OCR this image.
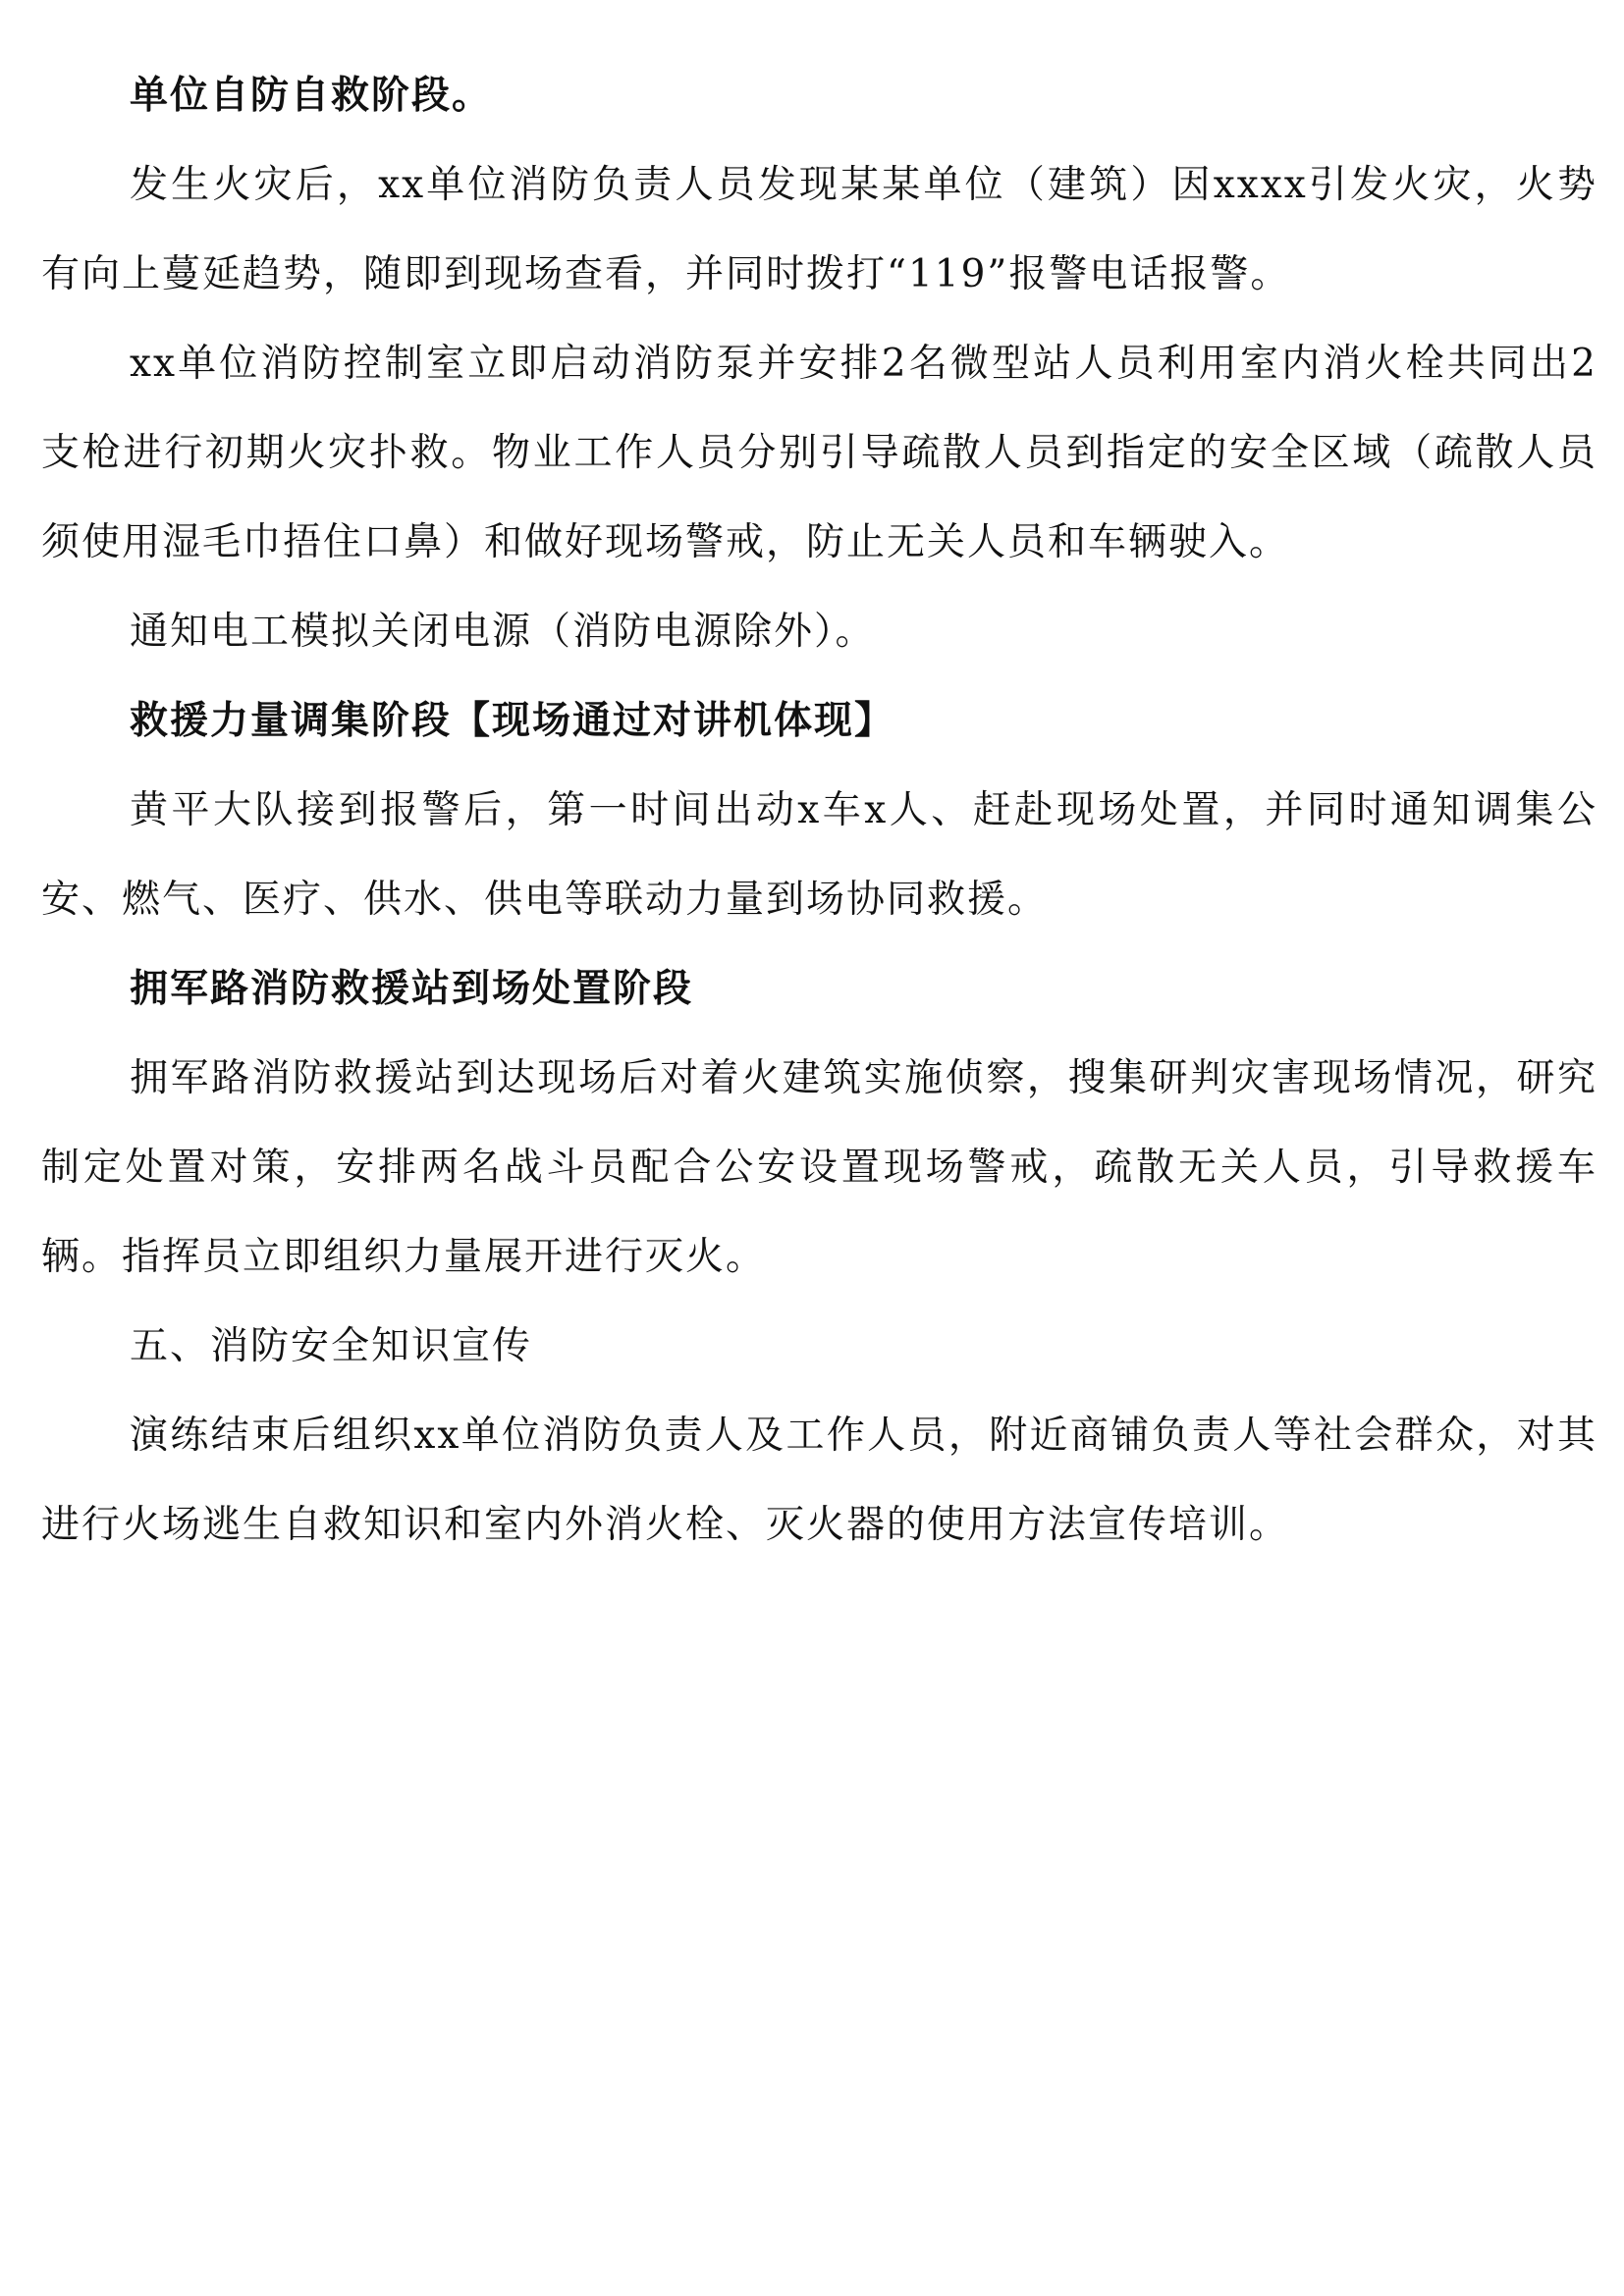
单位自防自救阶段。

发生火灾后，xx单位消防负责人员发现某某单位（建筑）因xxxx引发火灾，火势有向上蔓延趋势，随即到现场查看，并同时拨打“119”报警电话报警。

xx单位消防控制室立即启动消防泵并安排2名微型站人员利用室内消火栓共同出2支枪进行初期火灾扑救。物业工作人员分别引导疏散人员到指定的安全区域（疏散人员须使用湿毛巾捂住口鼻）和做好现场警戒，防止无关人员和车辆驶入。

通知电工模拟关闭电源（消防电源除外）。

救援力量调集阶段【现场通过对讲机体现】

黄平大队接到报警后，第一时间出动x车x人、赶赴现场处置，并同时通知调集公安、燃气、医疗、供水、供电等联动力量到场协同救援。

拥军路消防救援站到场处置阶段

拥军路消防救援站到达现场后对着火建筑实施侦察，搜集研判灾害现场情况，研究制定处置对策，安排两名战斗员配合公安设置现场警戒，疏散无关人员，引导救援车辆。指挥员立即组织力量展开进行灭火。

五、消防安全知识宣传

演练结束后组织xx单位消防负责人及工作人员，附近商铺负责人等社会群众，对其进行火场逃生自救知识和室内外消火栓、灭火器的使用方法宣传培训。
